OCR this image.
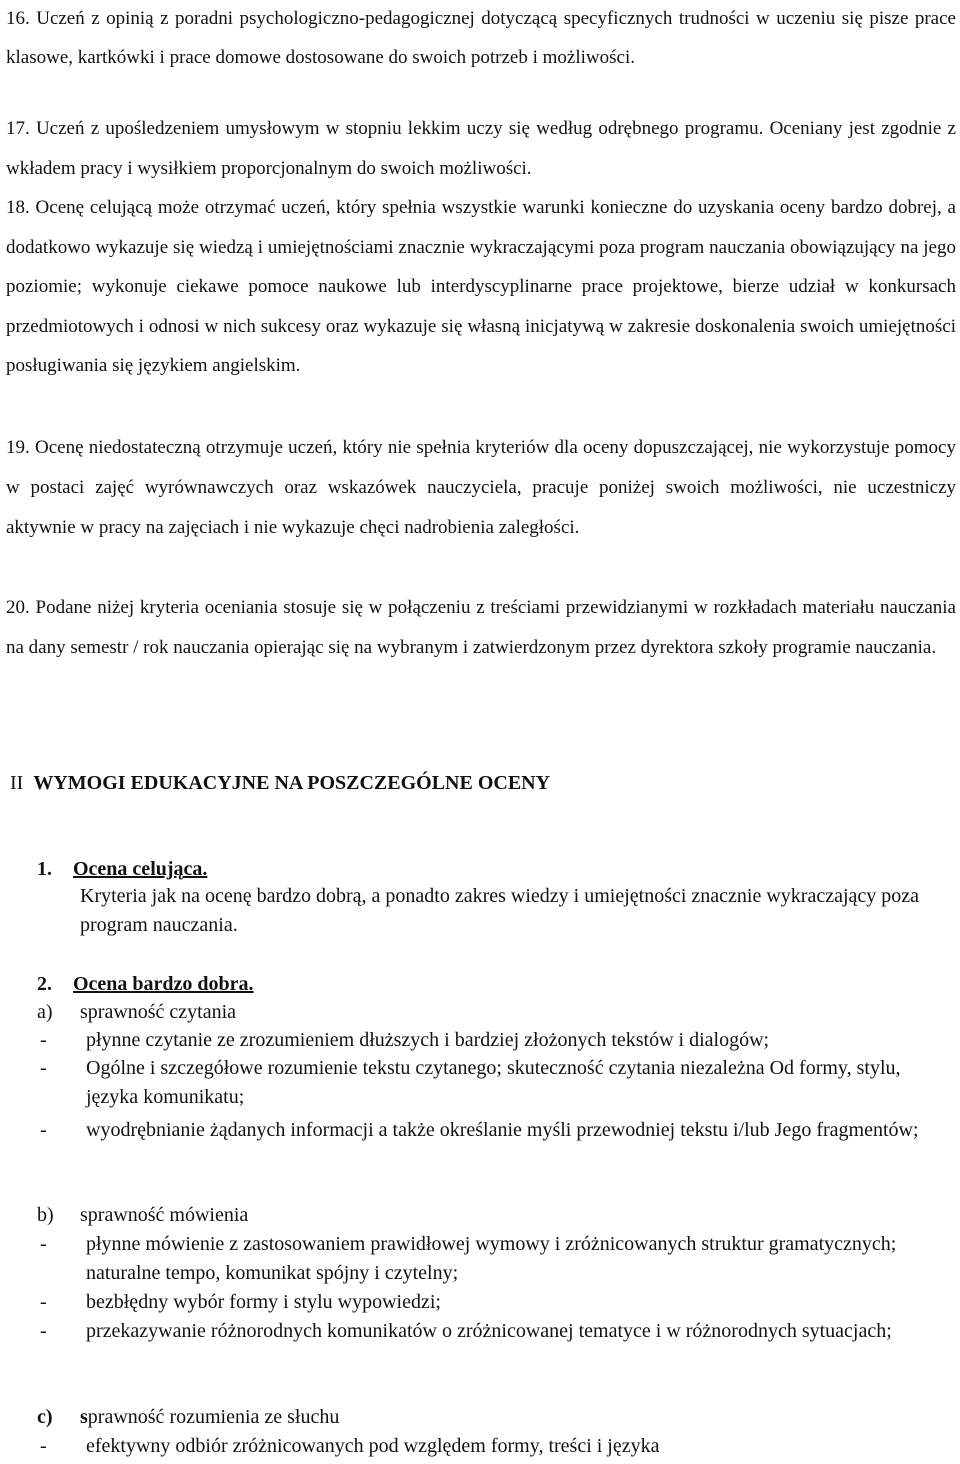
16. Uczeń z opinią z poradni psychologiczno-pedagogicznej dotyczącą specyficznych trudności w uczeniu się pisze prace klasowe, kartkówki i prace domowe dostosowane do swoich potrzeb i możliwości.

17. Uczeń z upośledzeniem umysłowym w stopniu lekkim uczy się według odrębnego programu. Oceniany jest zgodnie z wkładem pracy i wysiłkiem proporcjonalnym do swoich możliwości.

18. Ocenę celującą może otrzymać uczeń, który spełnia wszystkie warunki konieczne do uzyskania oceny bardzo dobrej, a dodatkowo wykazuje się wiedzą i umiejętnościami znacznie wykraczającymi poza program nauczania obowiązujący na jego poziomie; wykonuje ciekawe pomoce naukowe lub interdyscyplinarne prace projektowe, bierze udział w konkursach przedmiotowych i odnosi w nich sukcesy oraz wykazuje się własną inicjatywą w zakresie doskonalenia swoich umiejętności posługiwania się językiem angielskim.

19. Ocenę niedostateczną otrzymuje uczeń, który nie spełnia kryteriów dla oceny dopuszczającej, nie wykorzystuje pomocy w postaci zajęć wyrównawczych oraz wskazówek nauczyciela, pracuje poniżej swoich możliwości, nie uczestniczy aktywnie w pracy na zajęciach i nie wykazuje chęci nadrobienia zaległości.

20. Podane niżej kryteria oceniania stosuje się w połączeniu z treściami przewidzianymi w rozkładach materiału nauczania na dany semestr / rok nauczania opierając się na wybranym i zatwierdzonym przez dyrektora szkoły programie nauczania.

II WYMOGI EDUKACYJNE NA POSZCZEGÓLNE OCENY
1. Ocena celująca.

Kryteria jak na ocenę bardzo dobrą, a ponadto zakres wiedzy i umiejętności znacznie wykraczający poza program nauczania.

2. Ocena bardzo dobra.
a) sprawność czytania
- płynne czytanie ze zrozumieniem dłuższych i bardziej złożonych tekstów i dialogów;
- Ogólne i szczegółowe rozumienie tekstu czytanego; skuteczność czytania niezależna Od formy, stylu, języka komunikatu;
- wyodrębnianie żądanych informacji a także określanie myśli przewodniej tekstu i/lub Jego fragmentów;
b) sprawność mówienia
- płynne mówienie z zastosowaniem prawidłowej wymowy i zróżnicowanych struktur gramatycznych; naturalne tempo, komunikat spójny i czytelny;
- bezbłędny wybór formy i stylu wypowiedzi;
- przekazywanie różnorodnych komunikatów o zróżnicowanej tematyce i w różnorodnych sytuacjach;
c) sprawność rozumienia ze słuchu
- efektywny odbiór zróżnicowanych pod względem formy, treści i języka
